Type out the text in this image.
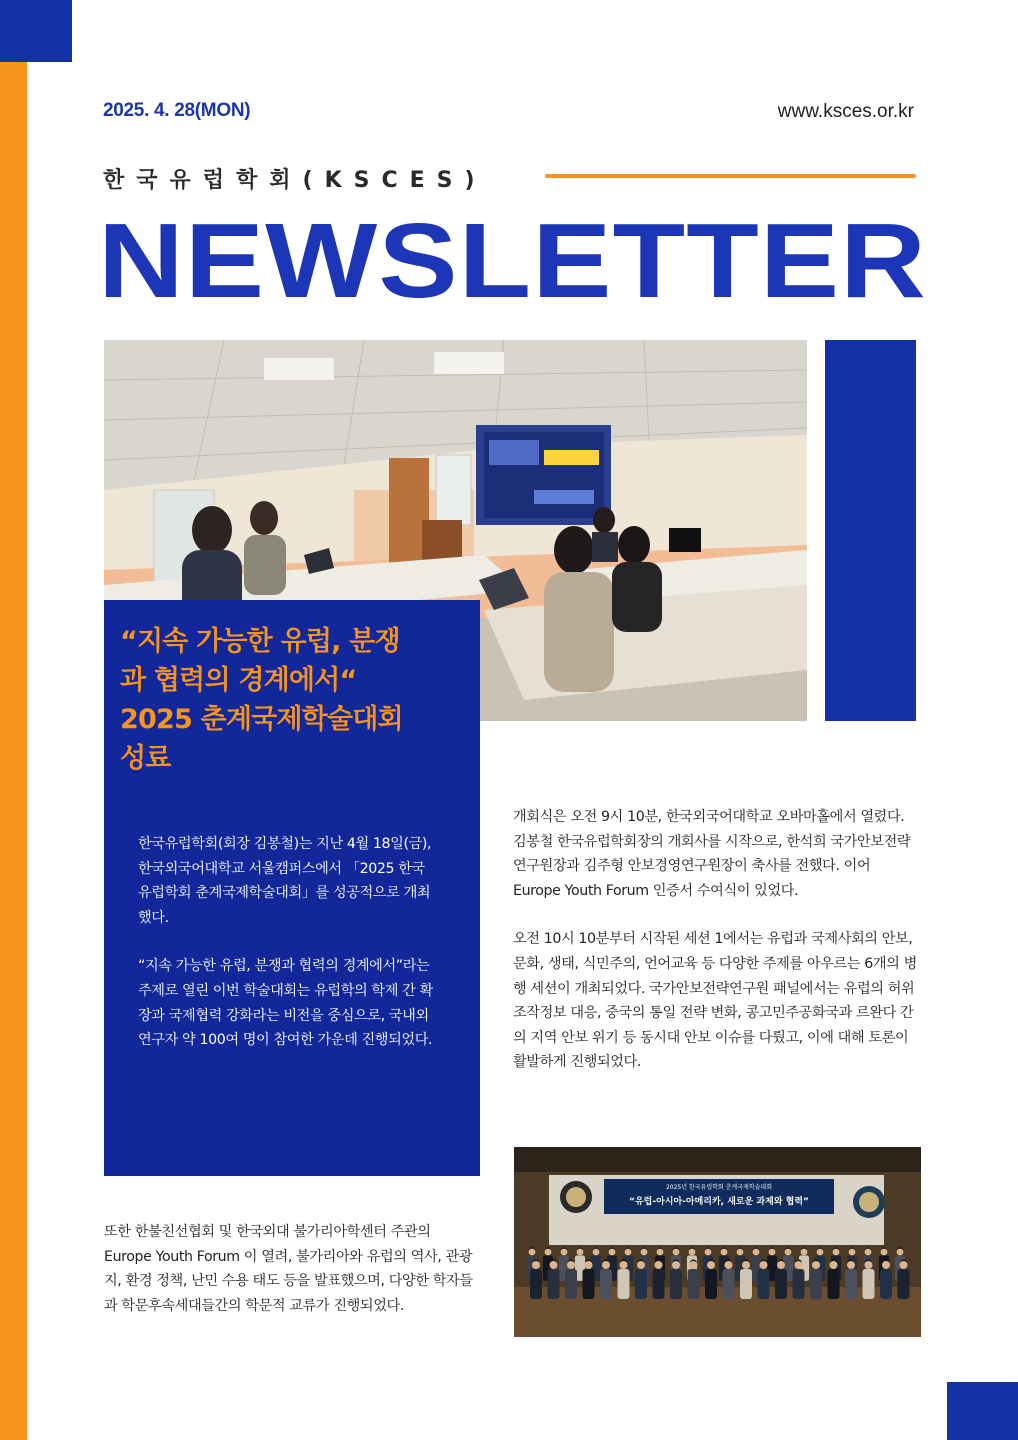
2025. 4. 28(MON)	www.ksces.or.kr
한국유럽학회(KSCES)
NEWSLETTER
“지속 가능한 유럽, 분쟁
과 협력의 경계에서“
2025 춘계국제학술대회
성료

한국유럽학회(회장 김봉철)는 지난 4월 18일(금), 한국외국어대학교 서울캠퍼스에서 「2025 한국유럽학회 춘계국제학술대회」를 성공적으로 개최했다.

“지속 가능한 유럽, 분쟁과 협력의 경계에서”라는 주제로 열린 이번 학술대회는 유럽학의 학제 간 확장과 국제협력 강화라는 비전을 중심으로, 국내외 연구자 약 100여 명이 참여한 가운데 진행되었다.

개회식은 오전 9시 10분, 한국외국어대학교 오바마홀에서 열렸다. 김봉철 한국유럽학회장의 개회사를 시작으로, 한석희 국가안보전략연구원장과 김주형 안보경영연구원장이 축사를 전했다. 이어 Europe Youth Forum 인증서 수여식이 있었다.

오전 10시 10분부터 시작된 세션 1에서는 유럽과 국제사회의 안보, 문화, 생태, 식민주의, 언어교육 등 다양한 주제를 아우르는 6개의 병행 세션이 개최되었다. 국가안보전략연구원 패널에서는 유럽의 허위조작정보 대응, 중국의 통일 전략 변화, 콩고민주공화국과 르완다 간의 지역 안보 위기 등 동시대 안보 이슈를 다뤘고, 이에 대해 토론이 활발하게 진행되었다.

또한 한불친선협회 및 한국외대 불가리아학센터 주관의 Europe Youth Forum 이 열려, 불가리아와 유럽의 역사, 관광지, 환경 정책, 난민 수용 태도 등을 발표했으며, 다양한 학자들과 학문후속세대들간의 학문적 교류가 진행되었다.
2025년 한국유럽학회 춘계국제학술대회
“유럽-아시아-아메리카, 새로운 과제와 협력”
